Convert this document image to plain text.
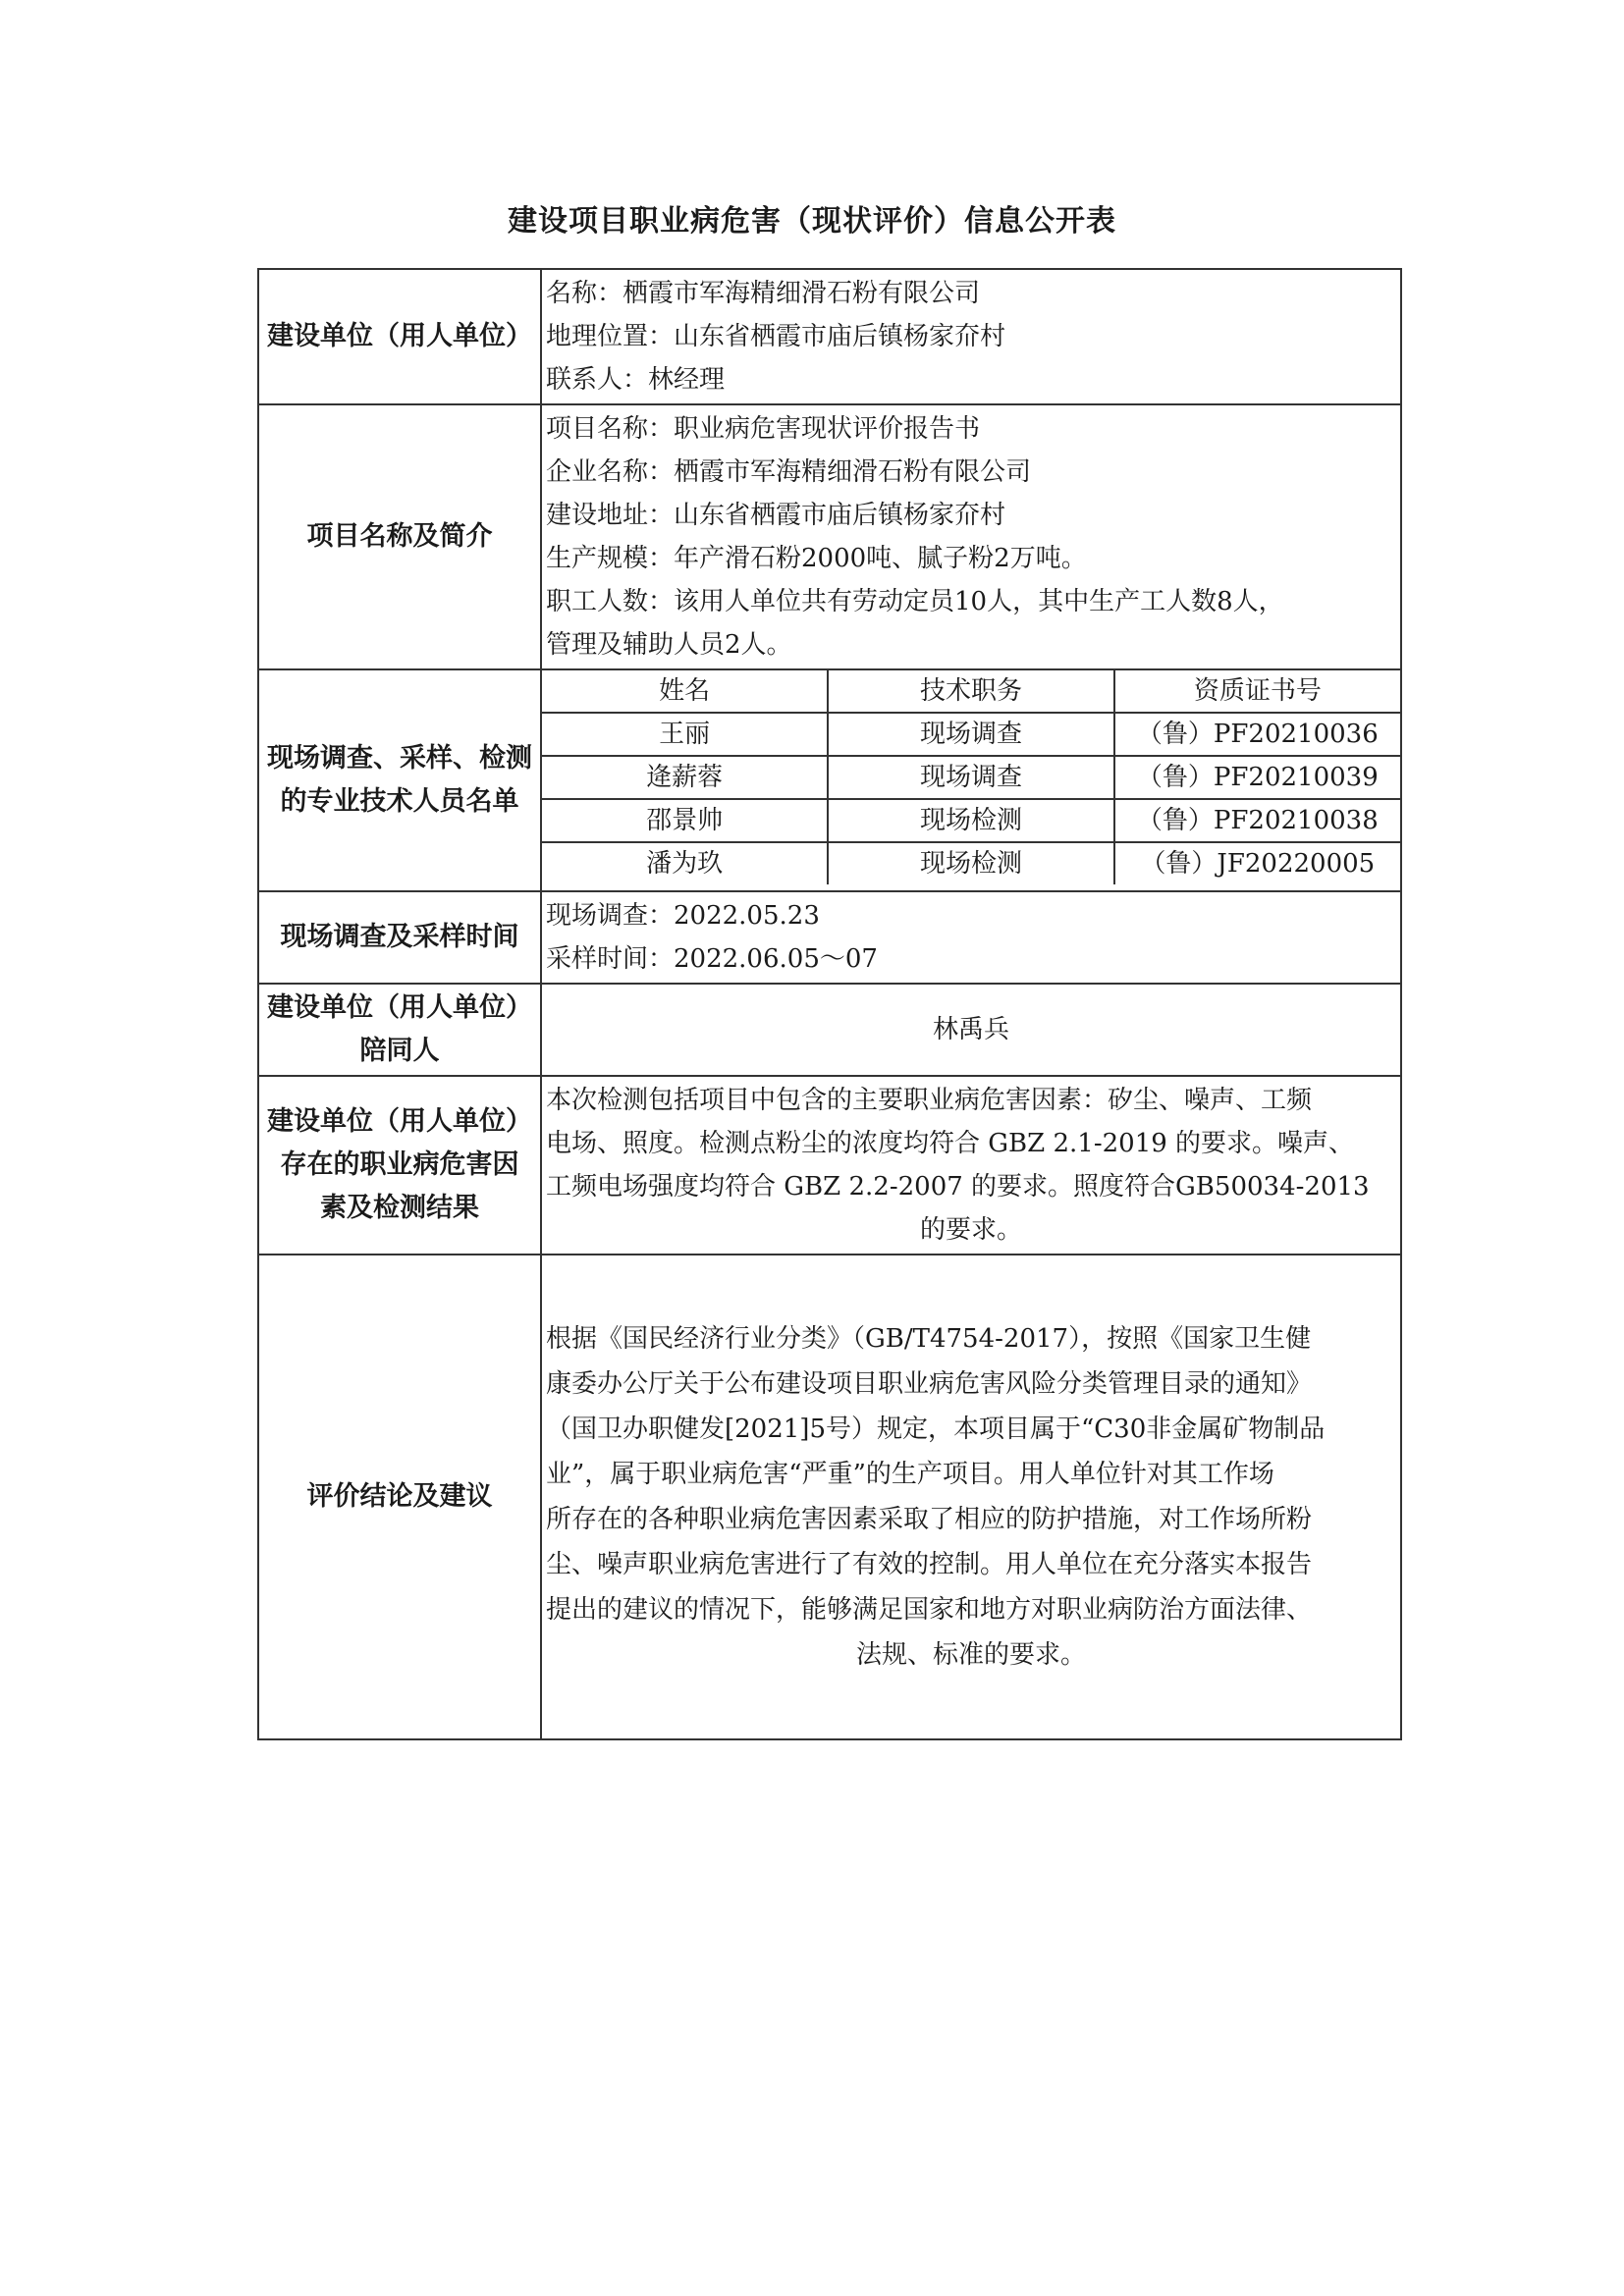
建设项目职业病危害（现状评价）信息公开表
建设单位（用人单位）	
名称：栖霞市军海精细滑石粉有限公司
地理位置：山东省栖霞市庙后镇杨家夼村
联系人：林经理

项目名称及简介	
项目名称：职业病危害现状评价报告书
企业名称：栖霞市军海精细滑石粉有限公司
建设地址：山东省栖霞市庙后镇杨家夼村
生产规模：年产滑石粉2000吨、腻子粉2万吨。
职工人数：该用人单位共有劳动定员10人，其中生产工人数8人，
管理及辅助人员2人。

现场调查、采样、检测
的专业技术人员名单

姓名	技术职务	资质证书号
王丽	现场调查	（鲁）PF20210036
逄薪蓉	现场调查	（鲁）PF20210039
邵景帅	现场检测	（鲁）PF20210038
潘为玖	现场检测	（鲁）JF20220005

现场调查及采样时间	
现场调查：2022.05.23
采样时间：2022.06.05～07

建设单位（用人单位）
陪同人
	林禹兵

建设单位（用人单位）
存在的职业病危害因
素及检测结果

本次检测包括项目中包含的主要职业病危害因素：矽尘、噪声、工频
电场、照度。检测点粉尘的浓度均符合 GBZ 2.1-2019 的要求。噪声、
工频电场强度均符合 GBZ 2.2-2007 的要求。照度符合GB50034-2013
的要求。

评价结论及建议	
根据《国民经济行业分类》（GB/T4754-2017），按照《国家卫生健
康委办公厅关于公布建设项目职业病危害风险分类管理目录的通知》
（国卫办职健发[2021]5号）规定，本项目属于“C30非金属矿物制品
业”，属于职业病危害“严重”的生产项目。用人单位针对其工作场
所存在的各种职业病危害因素采取了相应的防护措施，对工作场所粉
尘、噪声职业病危害进行了有效的控制。用人单位在充分落实本报告
提出的建议的情况下，能够满足国家和地方对职业病防治方面法律、
法规、标准的要求。
